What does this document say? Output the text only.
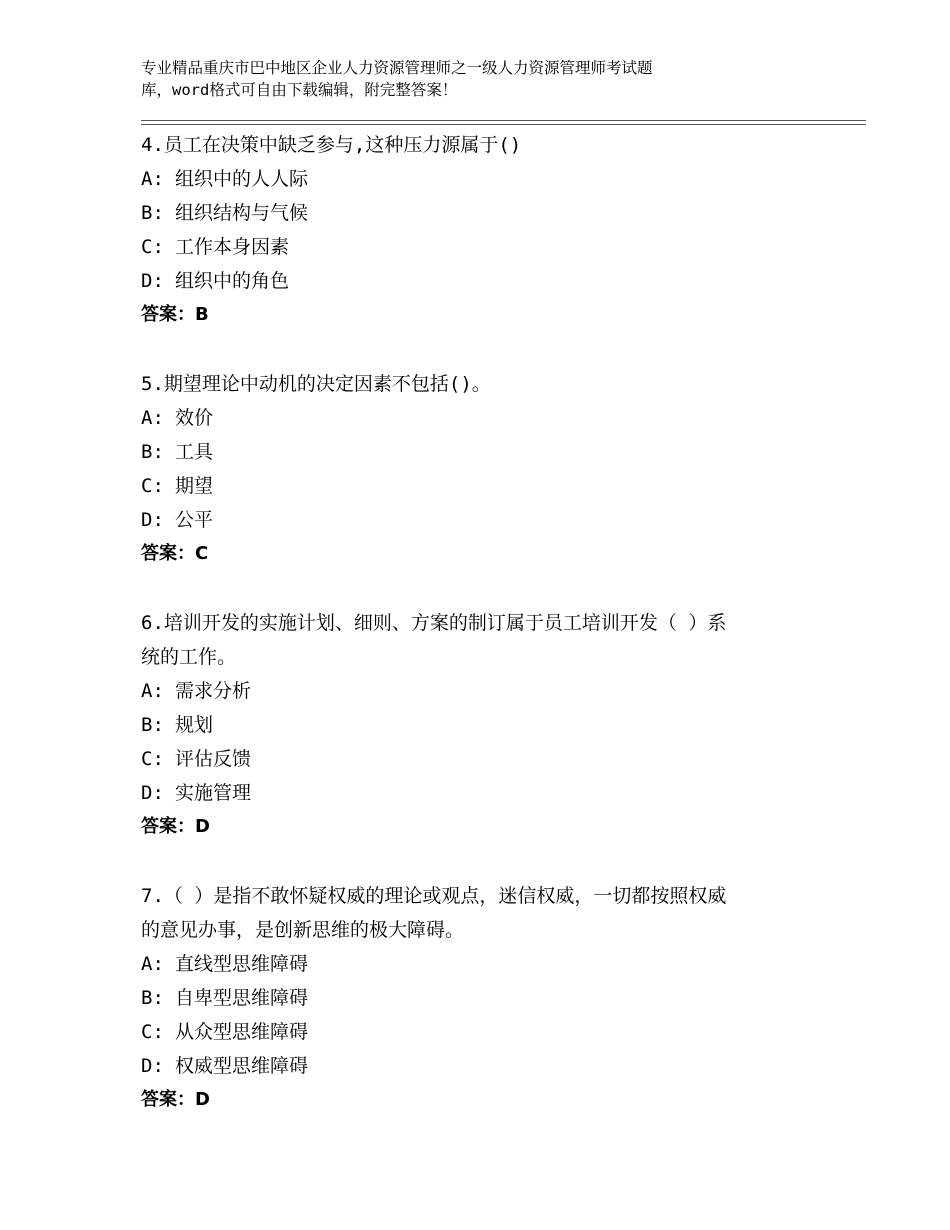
专业精品重庆市巴中地区企业人力资源管理师之一级人力资源管理师考试题
库，word格式可自由下载编辑，附完整答案！
4.员工在决策中缺乏参与,这种压力源属于()
A: 组织中的人人际
B: 组织结构与气候
C: 工作本身因素
D: 组织中的角色
答案：B
5.期望理论中动机的决定因素不包括()。
A: 效价
B: 工具
C: 期望
D: 公平
答案：C
6.培训开发的实施计划、细则、方案的制订属于员工培训开发（ ）系
统的工作。
A: 需求分析
B: 规划
C: 评估反馈
D: 实施管理
答案：D
7.（ ）是指不敢怀疑权威的理论或观点，迷信权威，一切都按照权威
的意见办事，是创新思维的极大障碍。
A: 直线型思维障碍
B: 自卑型思维障碍
C: 从众型思维障碍
D: 权威型思维障碍
答案：D
